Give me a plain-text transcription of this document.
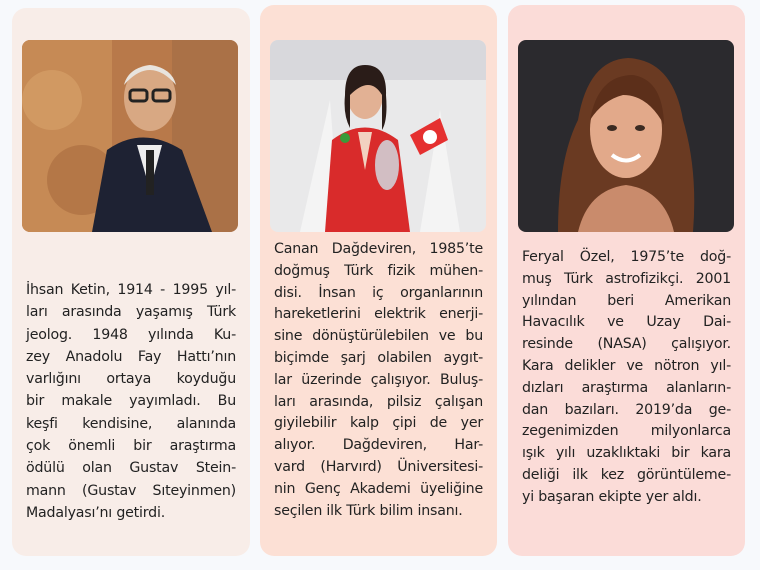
İhsan Ketin, 1914 - 1995 yıl-
ları arasında yaşamış Türk
jeolog. 1948 yılında Ku-
zey Anadolu Fay Hattı’nın
varlığını ortaya koyduğu
bir makale yayımladı. Bu
keşfi kendisine, alanında
çok önemli bir araştırma
ödülü olan Gustav Stein-
mann (Gustav Sıteyinmen)
Madalyası’nı getirdi.
Canan Dağdeviren, 1985’te
doğmuş Türk fizik mühen-
disi. İnsan iç organlarının
hareketlerini elektrik enerji-
sine dönüştürülebilen ve bu
biçimde şarj olabilen aygıt-
lar üzerinde çalışıyor. Buluş-
ları arasında, pilsiz çalışan
giyilebilir kalp çipi de yer
alıyor. Dağdeviren, Har-
vard (Harvırd) Üniversitesi-
nin Genç Akademi üyeliğine
seçilen ilk Türk bilim insanı.
Feryal Özel, 1975’te doğ-
muş Türk astrofizikçi. 2001
yılından beri Amerikan
Havacılık ve Uzay Dai-
resinde (NASA) çalışıyor.
Kara delikler ve nötron yıl-
dızları araştırma alanların-
dan bazıları. 2019’da ge-
zegenimizden milyonlarca
ışık yılı uzaklıktaki bir kara
deliği ilk kez görüntüleme-
yi başaran ekipte yer aldı.
